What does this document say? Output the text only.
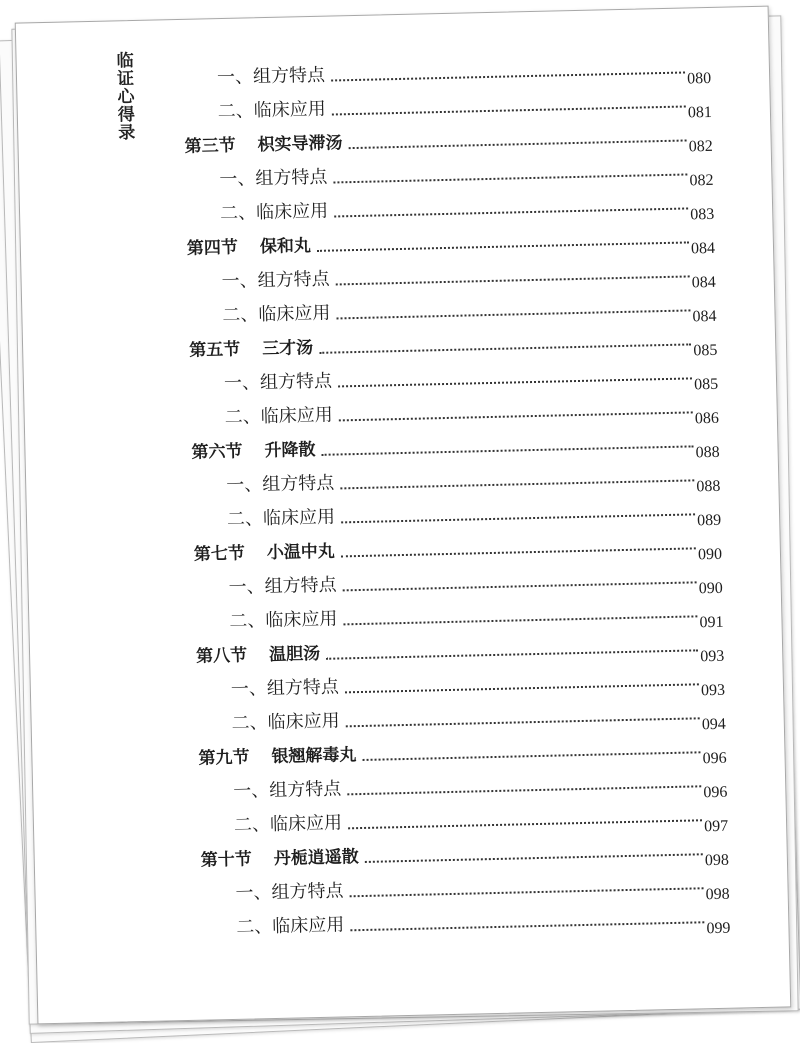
临证心得录	一、组方特点	080
二、临床应用	081
第三节 枳实导滞汤	082
一、组方特点	082
二、临床应用	083
第四节 保和丸	084
一、组方特点	084
二、临床应用	084
第五节 三才汤	085
一、组方特点	085
二、临床应用	086
第六节 升降散	088
一、组方特点	088
二、临床应用	089
第七节 小温中丸	090
一、组方特点	090
二、临床应用	091
第八节 温胆汤	093
一、组方特点	093
二、临床应用	094
第九节 银翘解毒丸	096
一、组方特点	096
二、临床应用	097
第十节 丹栀逍遥散	098
一、组方特点	098
二、临床应用	099
